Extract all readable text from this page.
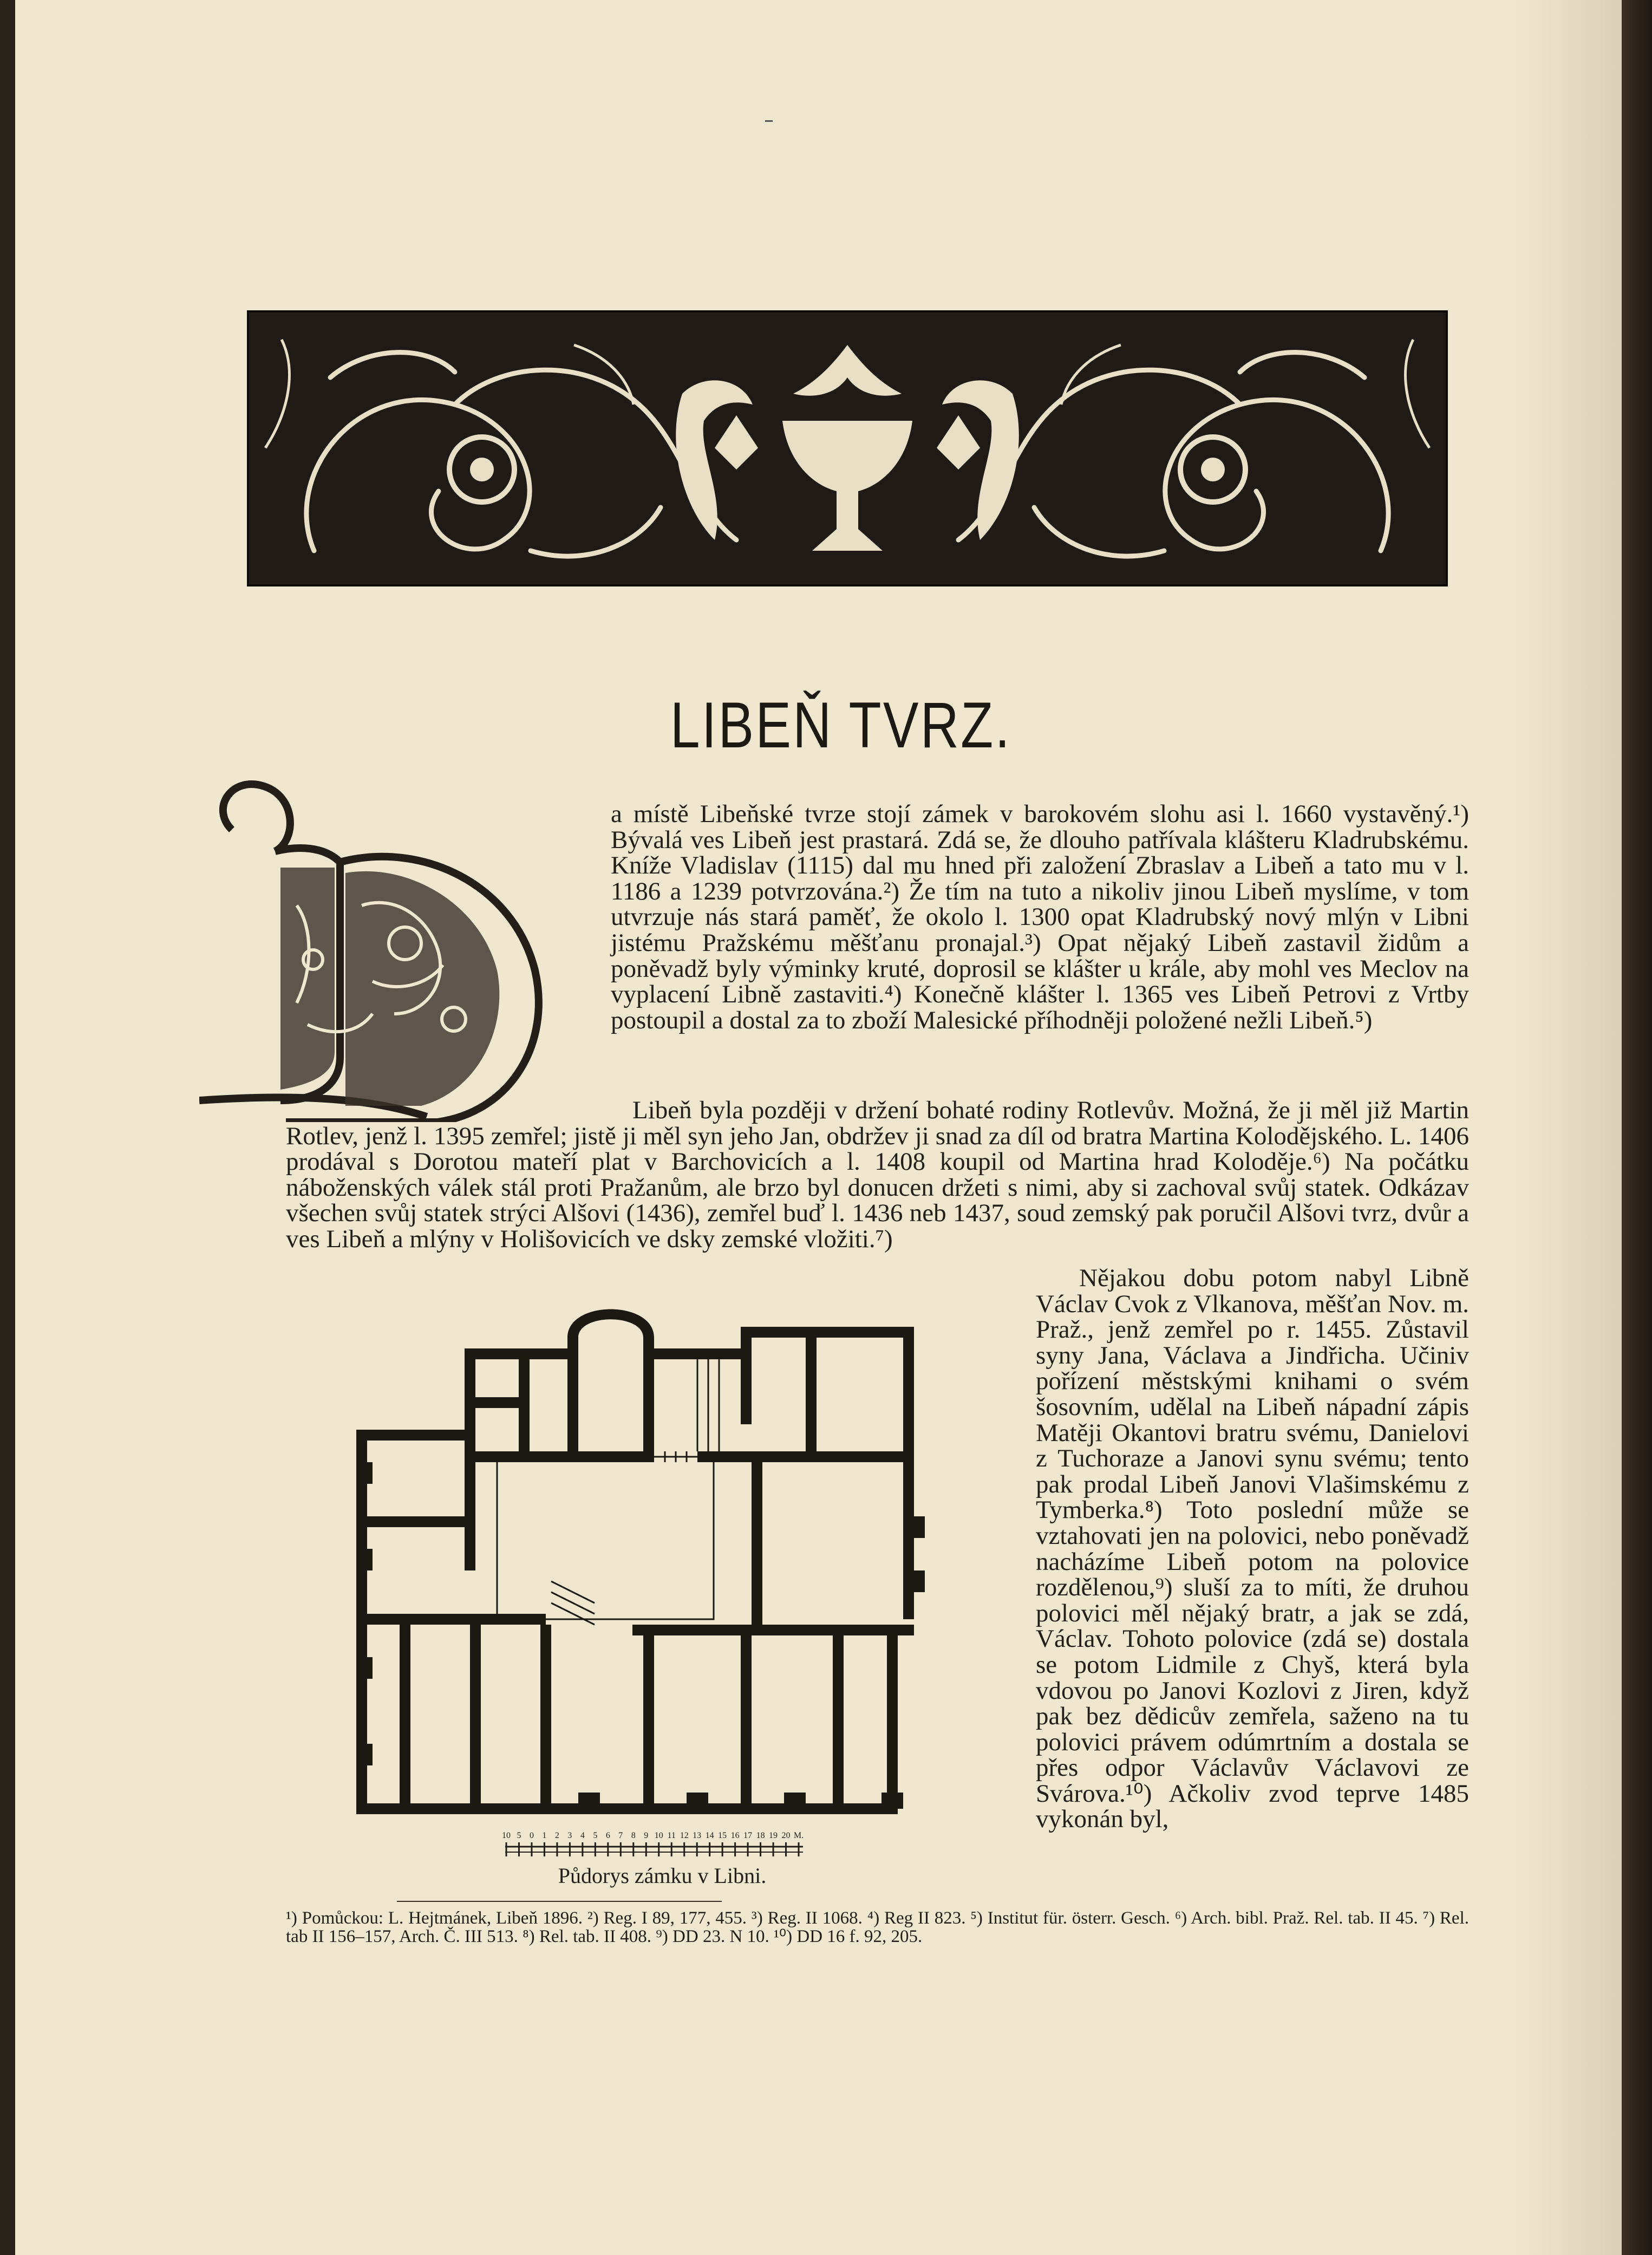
LIBEŇ TVRZ.

a místě Libeňské tvrze stojí zámek v barokovém slohu asi l. 1660 vystavěný.¹) Bývalá ves Libeň jest prastará. Zdá se, že dlouho patřívala klášteru Kladrubskému. Kníže Vladislav (1115) dal mu hned při založení Zbraslav a Libeň a tato mu v l. 1186 a 1239 potvrzována.²) Že tím na tuto a nikoliv jinou Libeň myslíme, v tom utvrzuje nás stará paměť, že okolo l. 1300 opat Kladrubský nový mlýn v Libni jistému Pražskému měšťanu pronajal.³) Opat nějaký Libeň zastavil židům a poněvadž byly výminky kruté, doprosil se klášter u krále, aby mohl ves Meclov na vyplacení Libně zastaviti.⁴) Konečně klášter l. 1365 ves Libeň Petrovi z Vrtby postoupil a dostal za to zboží Malesické příhodněji položené nežli Libeň.⁵)

Libeň byla později v držení bohaté rodiny Rotlevův. Možná, že ji měl již Martin Rotlev, jenž l. 1395 zemřel; jistě ji měl syn jeho Jan, obdržev ji snad za díl od bratra Martina Kolodějského. L. 1406 prodával s Dorotou mateří plat v Barchovicích a l. 1408 koupil od Martina hrad Koloděje.⁶) Na počátku náboženských válek stál proti Pražanům, ale brzo byl donucen držeti s nimi, aby si zachoval svůj statek. Odkázav všechen svůj statek strýci Alšovi (1436), zemřel buď l. 1436 neb 1437, soud zemský pak poručil Alšovi tvrz, dvůr a ves Libeň a mlýny v Holišovicích ve dsky zemské vložiti.⁷)

Nějakou dobu potom nabyl Libně Václav Cvok z Vlkanova, měšťan Nov. m. Praž., jenž zemřel po r. 1455. Zůstavil syny Jana, Václava a Jindřicha. Učiniv pořízení městskými knihami o svém šosovním, udělal na Libeň nápadní zápis Matěji Okantovi bratru svému, Danielovi z Tuchoraze a Janovi synu svému; tento pak prodal Libeň Janovi Vlašimskému z Tymberka.⁸) Toto poslední může se vztahovati jen na polovici, nebo poněvadž nacházíme Libeň potom na polovice rozdělenou,⁹) sluší za to míti, že druhou polovici měl nějaký bratr, a jak se zdá, Václav. Tohoto polovice (zdá se) dostala se potom Lidmile z Chyš, která byla vdovou po Janovi Kozlovi z Jiren, když pak bez dědicův zemřela, saženo na tu polovici právem odúmrtním a dostala se přes odpor Václavův Václavovi ze Svárova.¹⁰) Ačkoliv zvod teprve 1485 vykonán byl,

10 5 0 1 2 3 4 5 6 7 8 9 10 11 12 13 14 15 16 17 18 19 20 M.
Půdorys zámku v Libni.
¹) Pomůckou: L. Hejtmánek, Libeň 1896. ²) Reg. I 89, 177, 455. ³) Reg. II 1068. ⁴) Reg II 823. ⁵) Institut für. österr. Gesch. ⁶) Arch. bibl. Praž. Rel. tab. II 45. ⁷) Rel. tab II 156–157, Arch. Č. III 513. ⁸) Rel. tab. II 408. ⁹) DD 23. N 10. ¹⁰) DD 16 f. 92, 205.
